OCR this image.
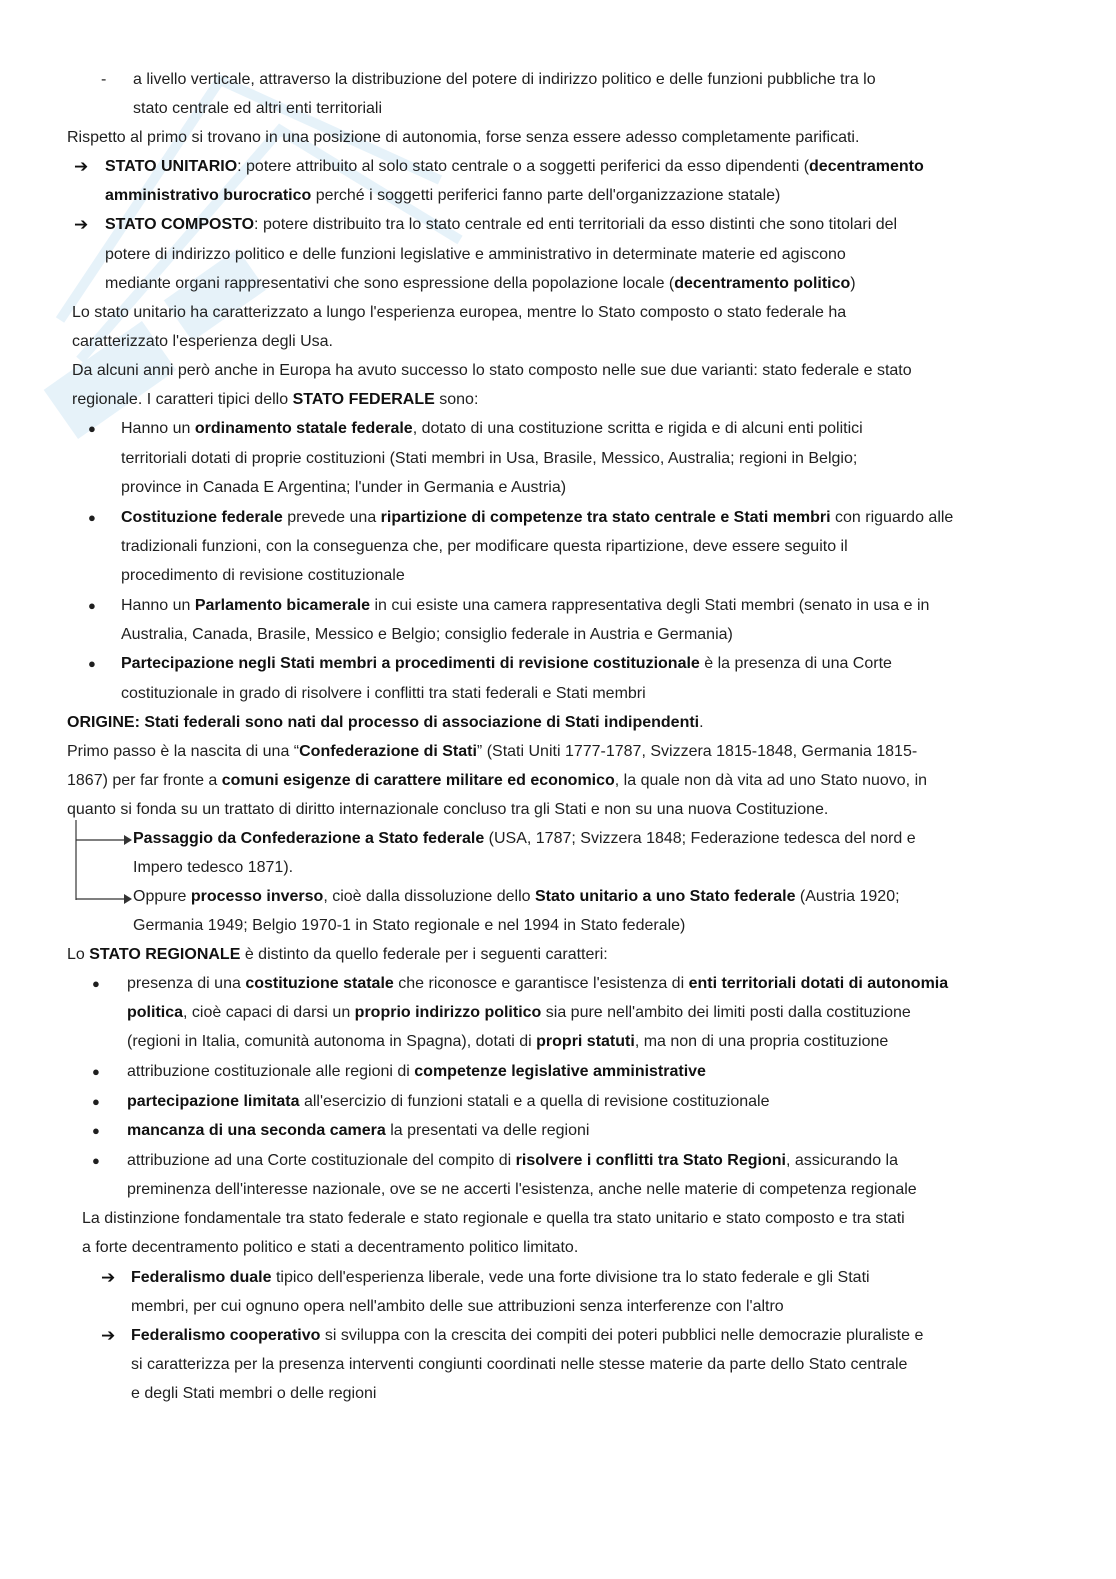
-
➔
➔
●
●
●
●
●
●
●
●
●
➔
➔
a livello verticale, attraverso la distribuzione del potere di indirizzo politico e delle funzioni pubbliche tra lo
stato centrale ed altri enti territoriali
Rispetto al primo si trovano in una posizione di autonomia, forse senza essere adesso completamente parificati.
STATO UNITARIO: potere attribuito al solo stato centrale o a soggetti periferici da esso dipendenti (decentramento
amministrativo burocratico perché i soggetti periferici fanno parte dell'organizzazione statale)
STATO COMPOSTO: potere distribuito tra lo stato centrale ed enti territoriali da esso distinti che sono titolari del
potere di indirizzo politico e delle funzioni legislative e amministrativo in determinate materie ed agiscono
mediante organi rappresentativi che sono espressione della popolazione locale (decentramento politico)
Lo stato unitario ha caratterizzato a lungo l'esperienza europea, mentre lo Stato composto o stato federale ha
caratterizzato l'esperienza degli Usa.
Da alcuni anni però anche in Europa ha avuto successo lo stato composto nelle sue due varianti: stato federale e stato
regionale. I caratteri tipici dello STATO FEDERALE sono:
Hanno un ordinamento statale federale, dotato di una costituzione scritta e rigida e di alcuni enti politici
territoriali dotati di proprie costituzioni (Stati membri in Usa, Brasile, Messico, Australia; regioni in Belgio;
province in Canada E Argentina; l'under in Germania e Austria)
Costituzione federale prevede una ripartizione di competenze tra stato centrale e Stati membri con riguardo alle
tradizionali funzioni, con la conseguenza che, per modificare questa ripartizione, deve essere seguito il
procedimento di revisione costituzionale
Hanno un Parlamento bicamerale in cui esiste una camera rappresentativa degli Stati membri (senato in usa e in
Australia, Canada, Brasile, Messico e Belgio; consiglio federale in Austria e Germania)
Partecipazione negli Stati membri a procedimenti di revisione costituzionale è la presenza di una Corte
costituzionale in grado di risolvere i conflitti tra stati federali e Stati membri
ORIGINE: Stati federali sono nati dal processo di associazione di Stati indipendenti.
Primo passo è la nascita di una “Confederazione di Stati” (Stati Uniti 1777-1787, Svizzera 1815-1848, Germania 1815-
1867) per far fronte a comuni esigenze di carattere militare ed economico, la quale non dà vita ad uno Stato nuovo, in
quanto si fonda su un trattato di diritto internazionale concluso tra gli Stati e non su una nuova Costituzione.
Passaggio da Confederazione a Stato federale (USA, 1787; Svizzera 1848; Federazione tedesca del nord e
Impero tedesco 1871).
Oppure processo inverso, cioè dalla dissoluzione dello Stato unitario a uno Stato federale (Austria 1920;
Germania 1949; Belgio 1970-1 in Stato regionale e nel 1994 in Stato federale)
Lo STATO REGIONALE è distinto da quello federale per i seguenti caratteri:
presenza di una costituzione statale che riconosce e garantisce l'esistenza di enti territoriali dotati di autonomia
politica, cioè capaci di darsi un proprio indirizzo politico sia pure nell'ambito dei limiti posti dalla costituzione
(regioni in Italia, comunità autonoma in Spagna), dotati di propri statuti, ma non di una propria costituzione
attribuzione costituzionale alle regioni di competenze legislative amministrative
partecipazione limitata all'esercizio di funzioni statali e a quella di revisione costituzionale
mancanza di una seconda camera la presentati va delle regioni
attribuzione ad una Corte costituzionale del compito di risolvere i conflitti tra Stato Regioni, assicurando la
preminenza dell'interesse nazionale, ove se ne accerti l'esistenza, anche nelle materie di competenza regionale
La distinzione fondamentale tra stato federale e stato regionale e quella tra stato unitario e stato composto e tra stati
a forte decentramento politico e stati a decentramento politico limitato.
Federalismo duale tipico dell'esperienza liberale, vede una forte divisione tra lo stato federale e gli Stati
membri, per cui ognuno opera nell'ambito delle sue attribuzioni senza interferenze con l'altro
Federalismo cooperativo si sviluppa con la crescita dei compiti dei poteri pubblici nelle democrazie pluraliste e
si caratterizza per la presenza interventi congiunti coordinati nelle stesse materie da parte dello Stato centrale
e degli Stati membri o delle regioni
